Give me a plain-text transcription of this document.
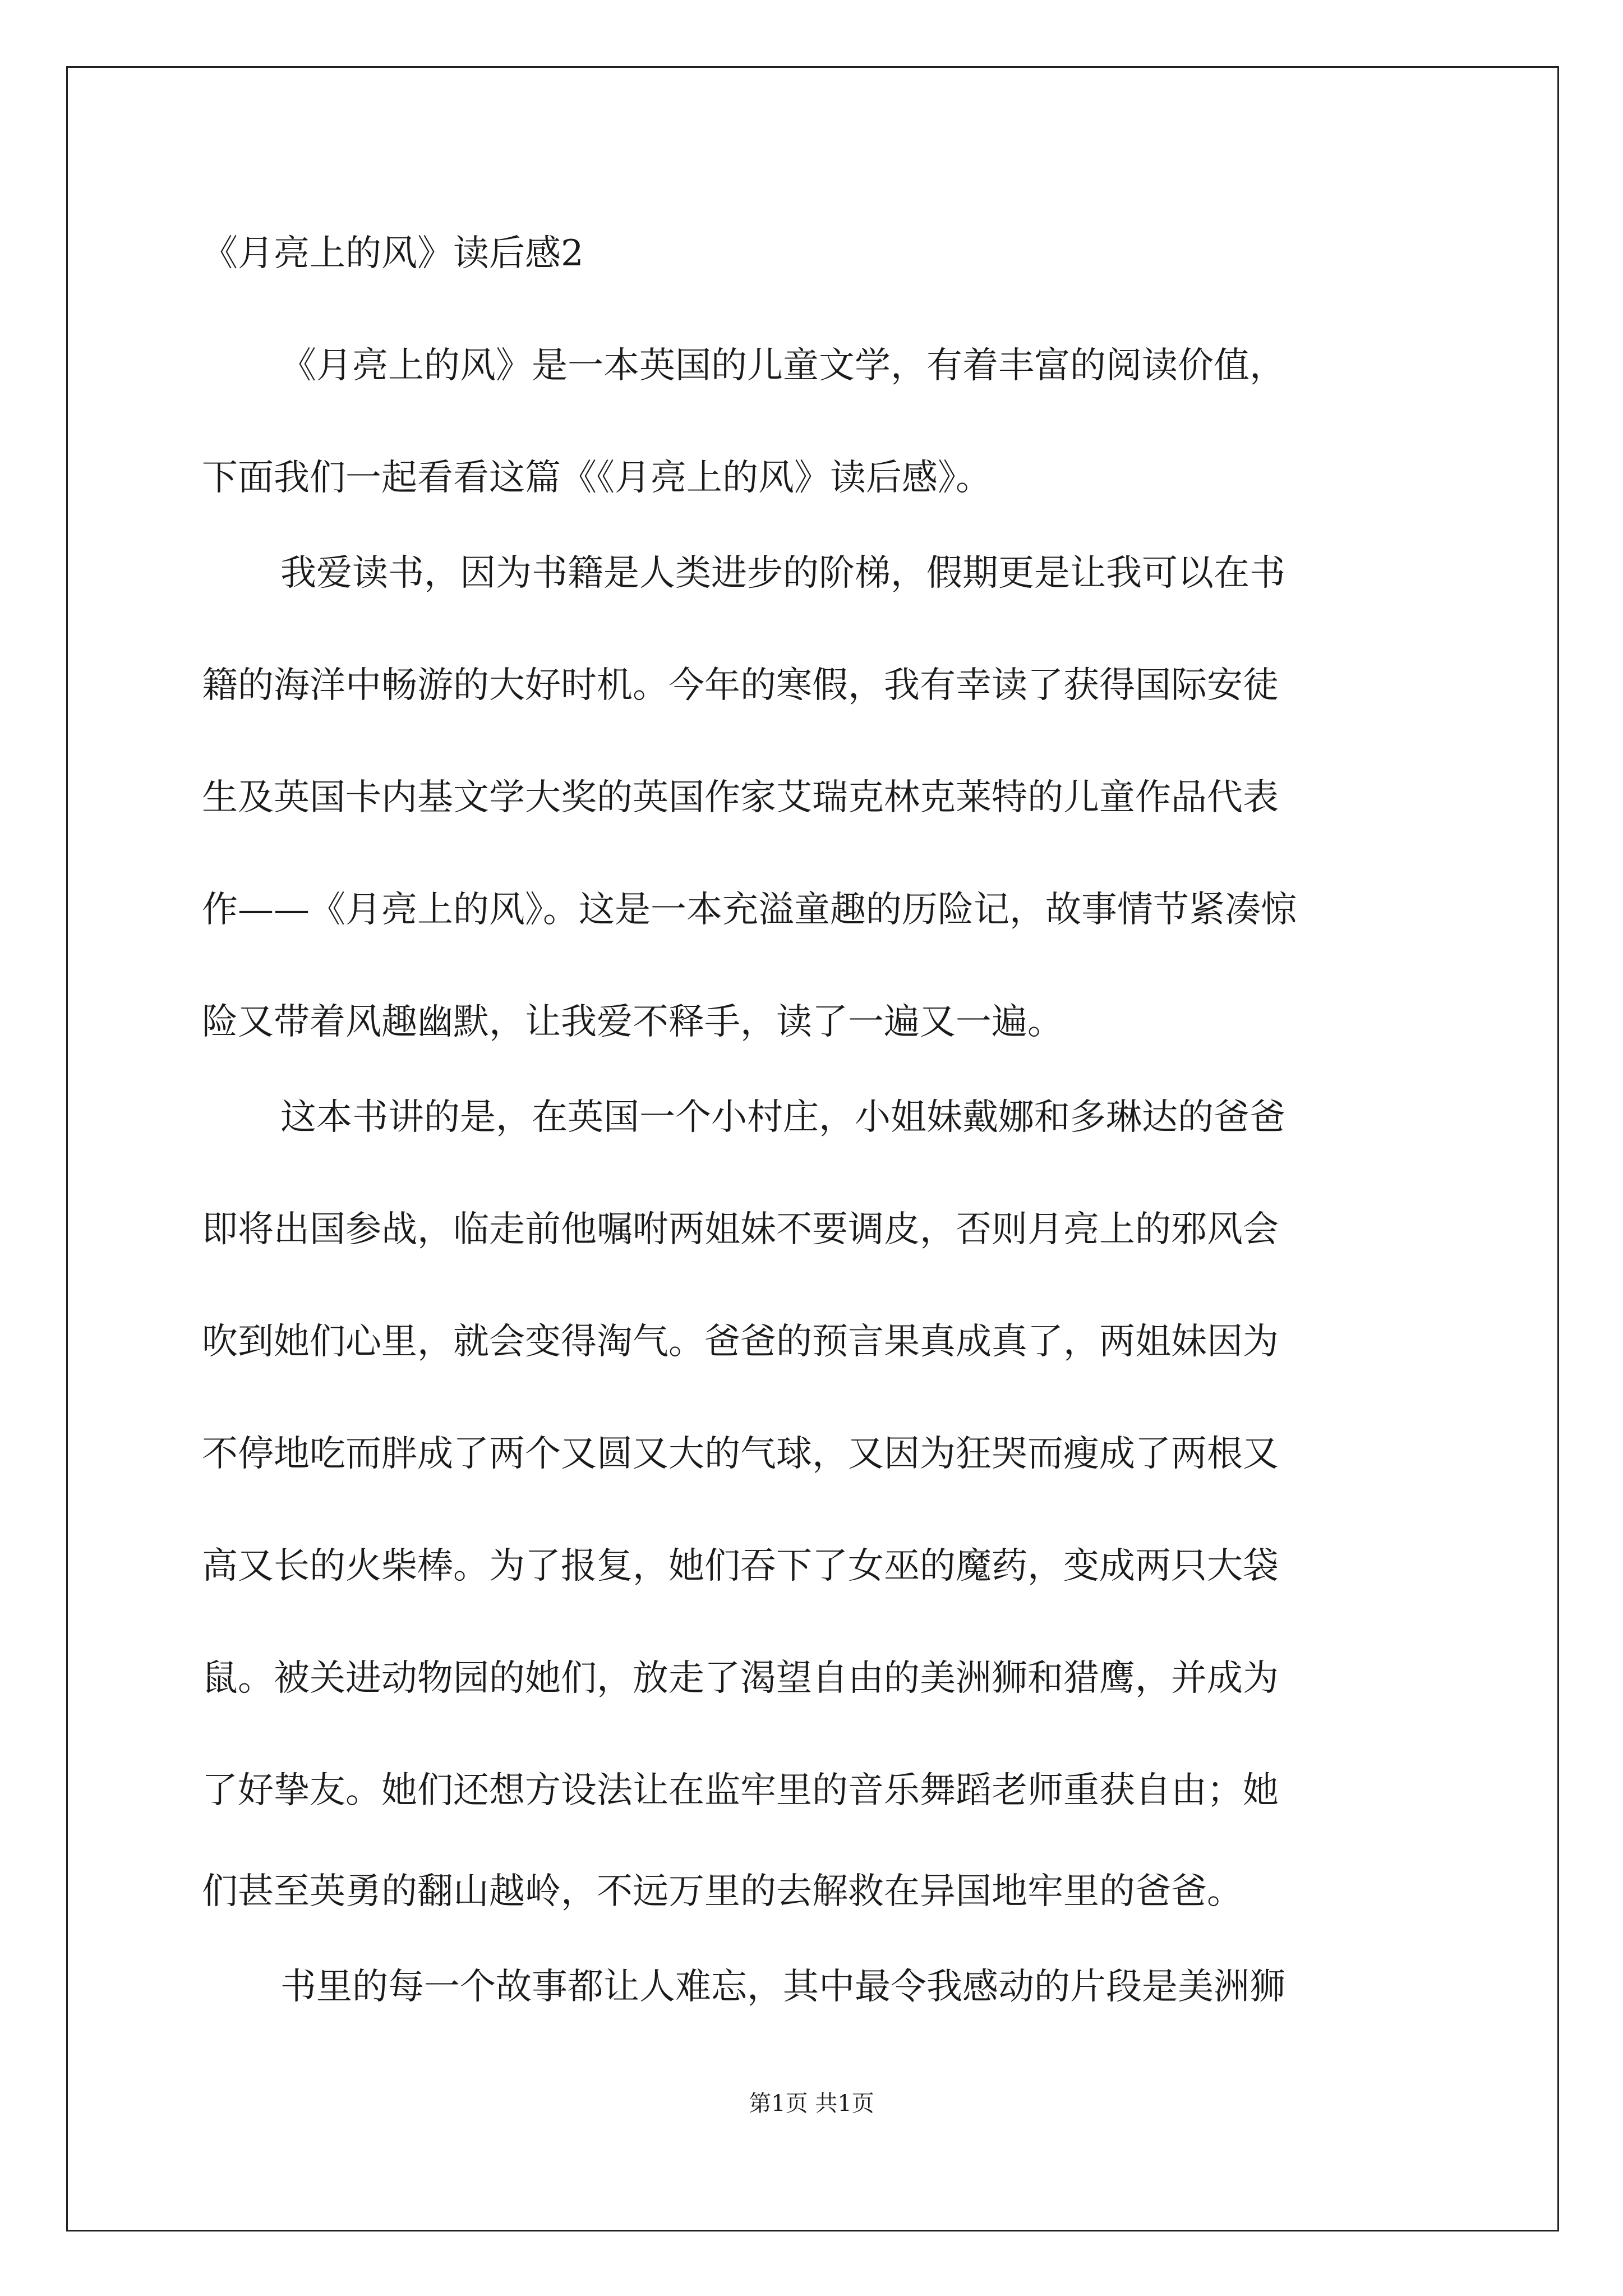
《月亮上的风》读后感2
《月亮上的风》是一本英国的儿童文学，有着丰富的阅读价值，
下面我们一起看看这篇《《月亮上的风》读后感》。
我爱读书，因为书籍是人类进步的阶梯，假期更是让我可以在书
籍的海洋中畅游的大好时机。今年的寒假，我有幸读了获得国际安徒
生及英国卡内基文学大奖的英国作家艾瑞克林克莱特的儿童作品代表
作——《月亮上的风》。这是一本充溢童趣的历险记，故事情节紧凑惊
险又带着风趣幽默，让我爱不释手，读了一遍又一遍。
这本书讲的是，在英国一个小村庄，小姐妹戴娜和多琳达的爸爸
即将出国参战，临走前他嘱咐两姐妹不要调皮，否则月亮上的邪风会
吹到她们心里，就会变得淘气。爸爸的预言果真成真了，两姐妹因为
不停地吃而胖成了两个又圆又大的气球，又因为狂哭而瘦成了两根又
高又长的火柴棒。为了报复，她们吞下了女巫的魔药，变成两只大袋
鼠。被关进动物园的她们，放走了渴望自由的美洲狮和猎鹰，并成为
了好挚友。她们还想方设法让在监牢里的音乐舞蹈老师重获自由；她
们甚至英勇的翻山越岭，不远万里的去解救在异国地牢里的爸爸。
书里的每一个故事都让人难忘，其中最令我感动的片段是美洲狮
第1页 共1页
